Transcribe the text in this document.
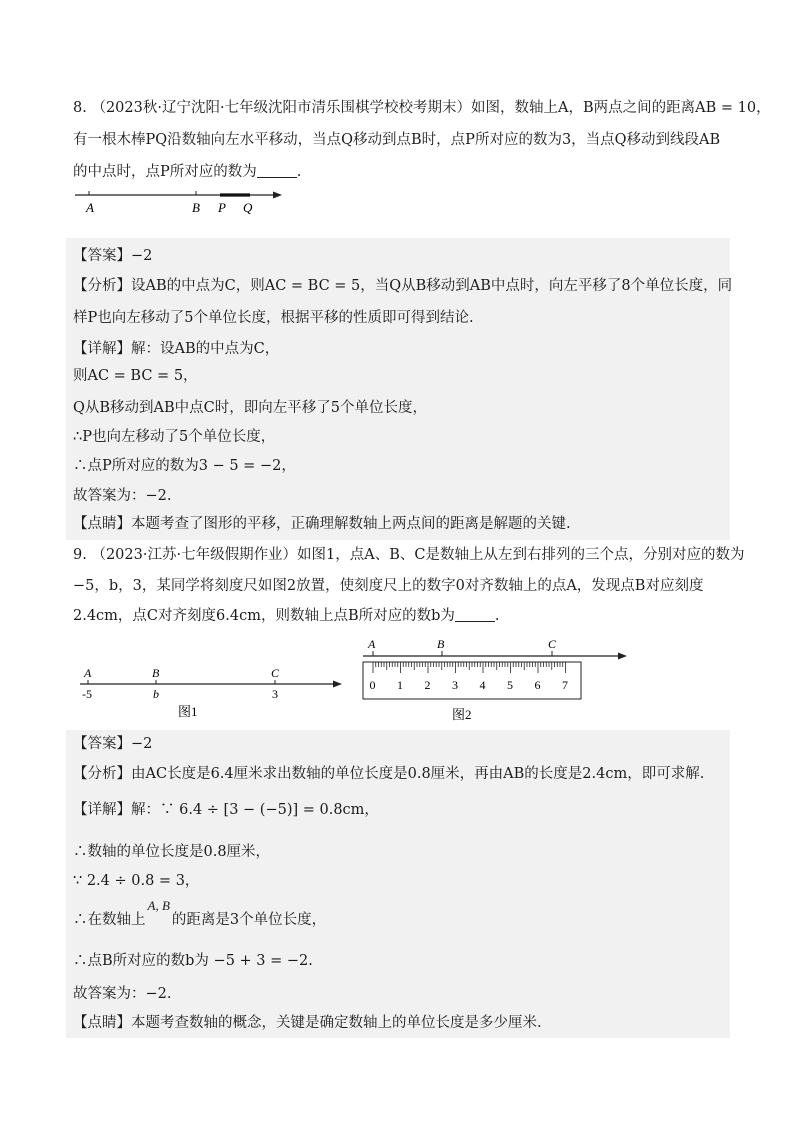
8. （2023秋·辽宁沈阳·七年级沈阳市清乐围棋学校校考期末）如图，数轴上A，B两点之间的距离AB = 10，
有一根木棒PQ沿数轴向左水平移动，当点Q移动到点B时，点P所对应的数为3，当点Q移动到线段AB
的中点时，点P所对应的数为	.
A	B P Q
【答案】−2
【分析】设AB的中点为C，则AC = BC = 5，当Q从B移动到AB中点时，向左平移了8个单位长度，同
样P也向左移动了5个单位长度，根据平移的性质即可得到结论.
【详解】解：设AB的中点为C，
则AC = BC = 5，
Q从B移动到AB中点C时，即向左平移了5个单位长度，
∴P也向左移动了5个单位长度，
∴点P所对应的数为3 − 5 = −2，
故答案为：−2.
【点睛】本题考查了图形的平移，正确理解数轴上两点间的距离是解题的关键.
9. （2023·江苏·七年级假期作业）如图1，点A、B、C是数轴上从左到右排列的三个点，分别对应的数为
−5，b，3，某同学将刻度尺如图2放置，使刻度尺上的数字0对齐数轴上的点A，发现点B对应刻度
2.4cm，点C对齐刻度6.4cm，则数轴上点B所对应的数b为	.
A	B	C
-5	b	3
图1
A	B	C
0 1 2 3 4 5 6 7
图2
【答案】−2
【分析】由AC长度是6.4厘米求出数轴的单位长度是0.8厘米，再由AB的长度是2.4cm，即可求解.
【详解】解：∵ 6.4 ÷ [3 − (−5)] = 0.8cm，
∴数轴的单位长度是0.8厘米，
∵ 2.4 ÷ 0.8 = 3，
∴在数轴上A, B的距离是3个单位长度，
∴点B所对应的数b为 −5 + 3 = −2.
故答案为：−2.
【点睛】本题考查数轴的概念，关键是确定数轴上的单位长度是多少厘米.
